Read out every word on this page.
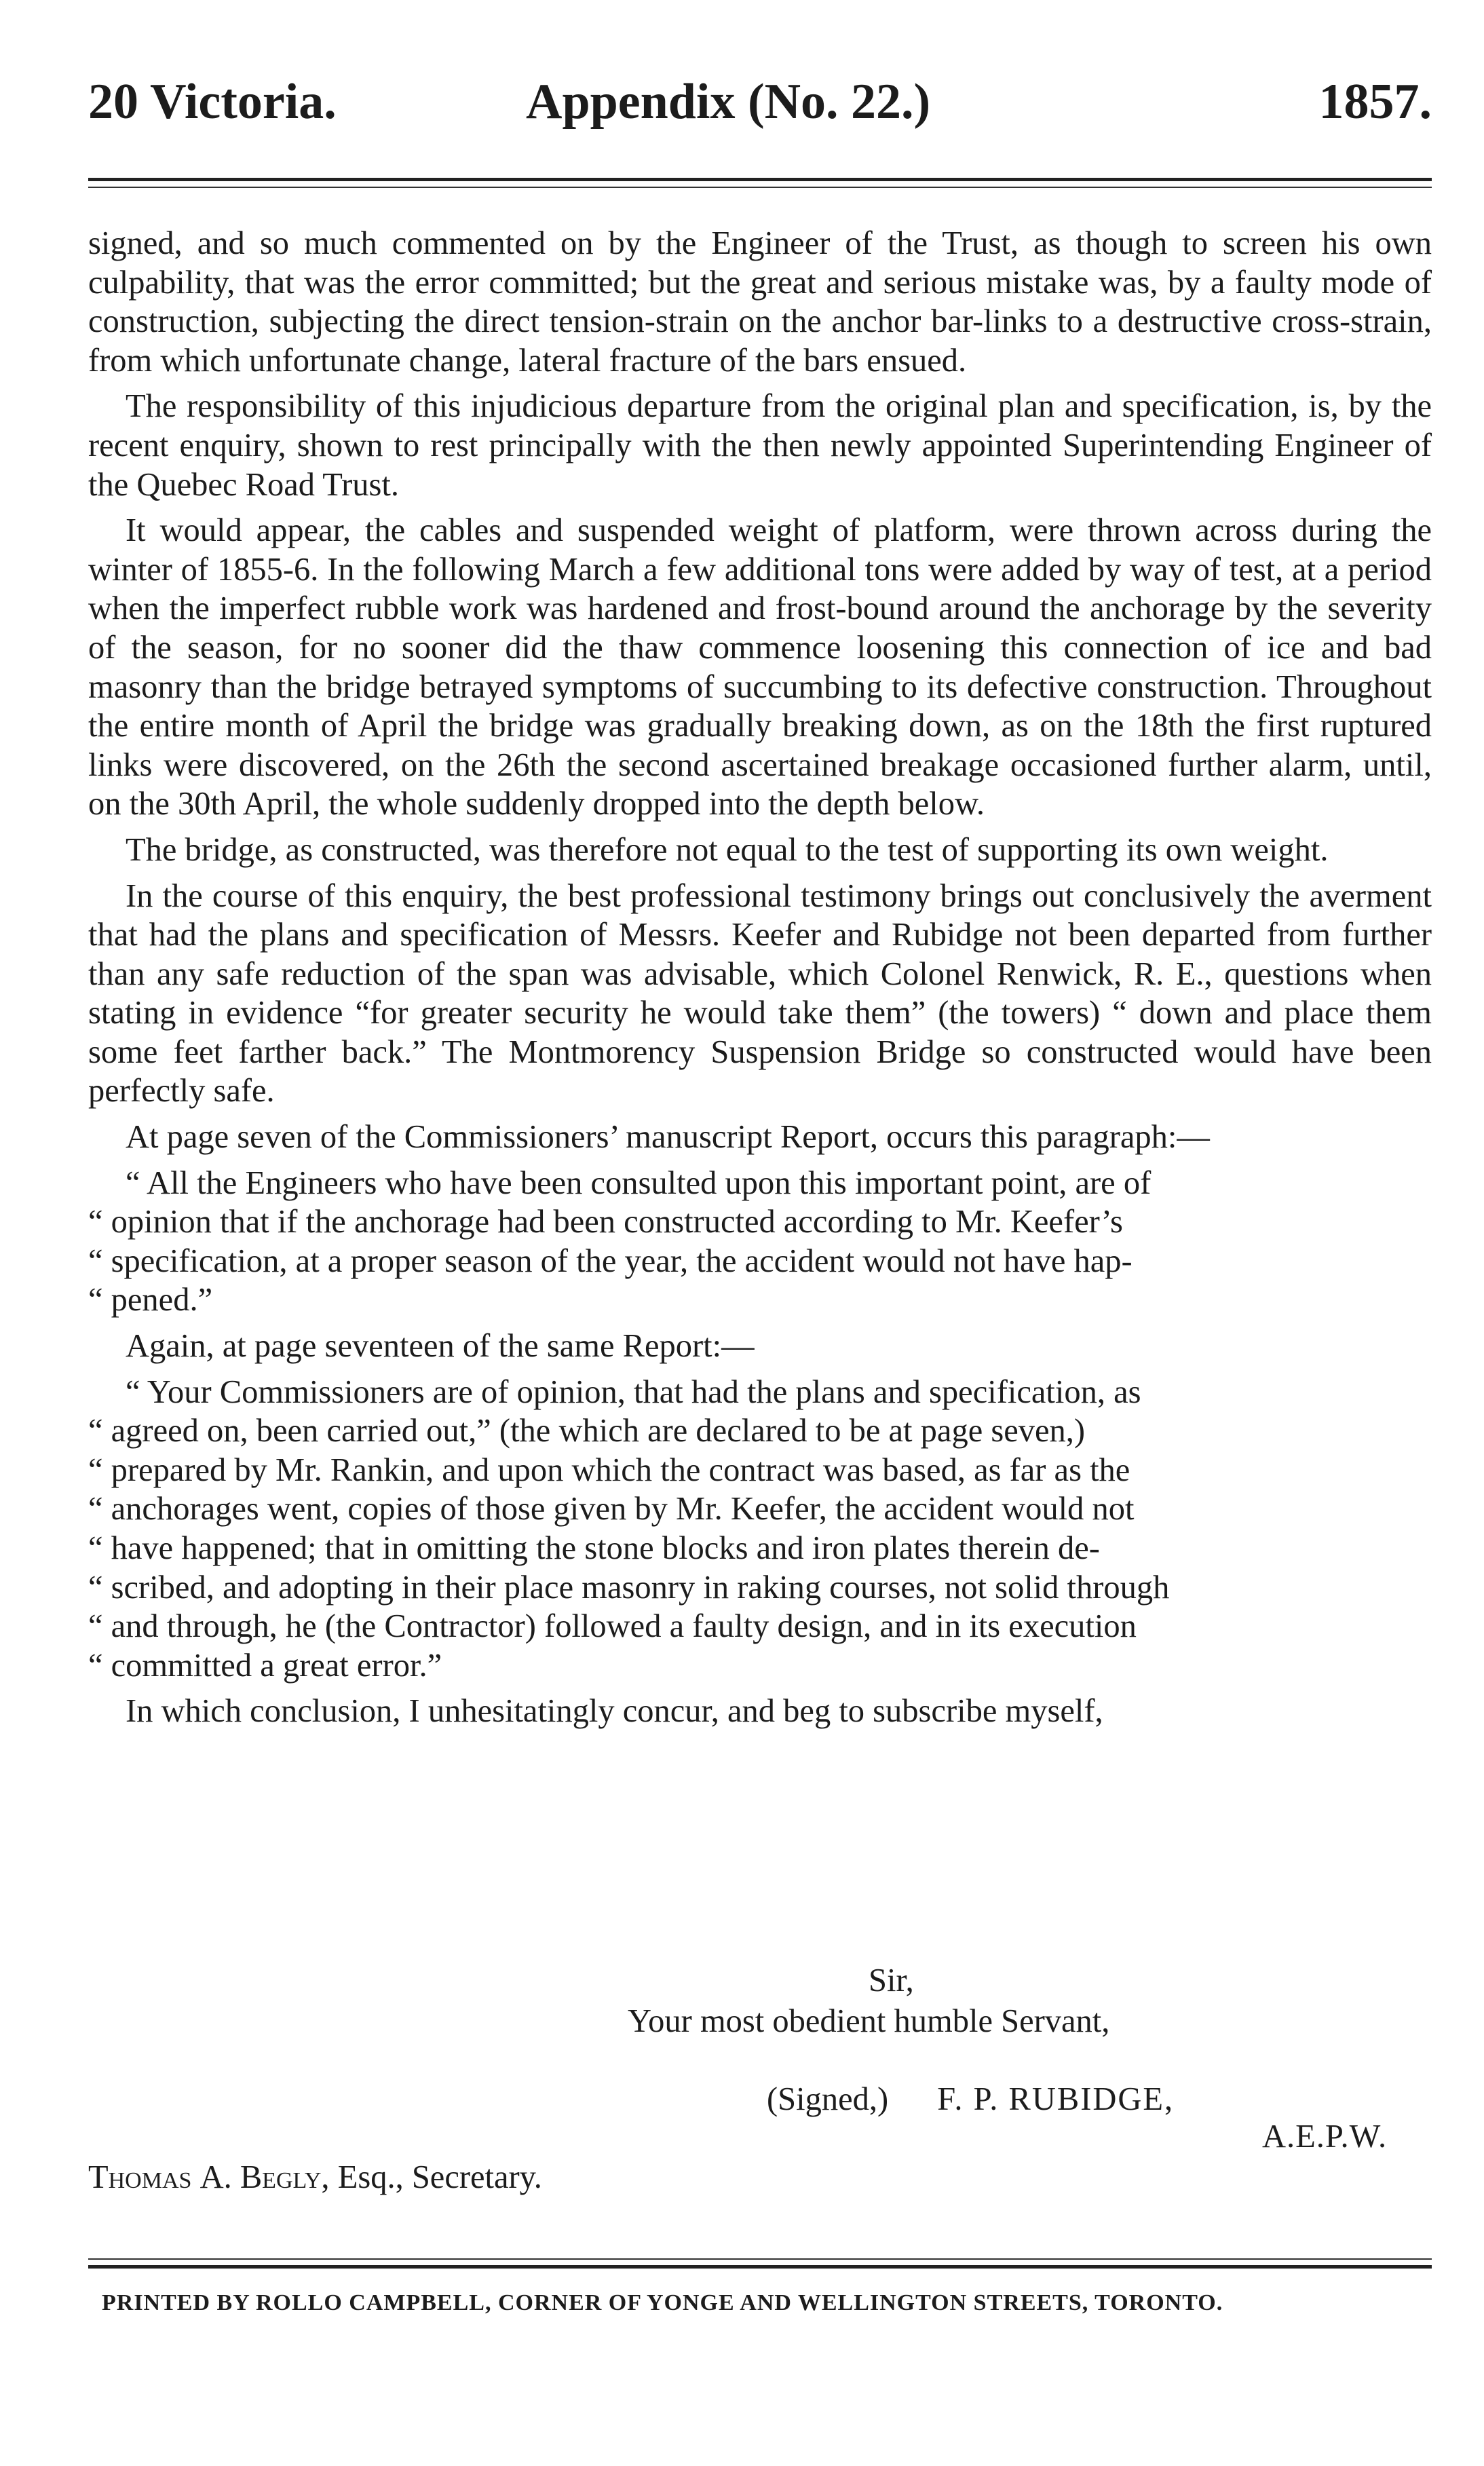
20 Victoria.	Appendix (No. 22.)	1857.

signed, and so much commented on by the Engineer of the Trust, as though to screen his own culpability, that was the error committed; but the great and serious mistake was, by a faulty mode of construction, subjecting the direct tension-strain on the anchor bar-links to a destructive cross-strain, from which unfortunate change, lateral fracture of the bars ensued.

The responsibility of this injudicious departure from the original plan and specification, is, by the recent enquiry, shown to rest principally with the then newly appointed Superintending Engineer of the Quebec Road Trust.

It would appear, the cables and suspended weight of platform, were thrown across during the winter of 1855-6. In the following March a few additional tons were added by way of test, at a period when the imperfect rubble work was hardened and frost-bound around the anchorage by the severity of the season, for no sooner did the thaw commence loosening this connection of ice and bad masonry than the bridge betrayed symptoms of succumbing to its defective construction. Throughout the entire month of April the bridge was gradually breaking down, as on the 18th the first ruptured links were discovered, on the 26th the second ascertained breakage occasioned further alarm, until, on the 30th April, the whole suddenly dropped into the depth below.

The bridge, as constructed, was therefore not equal to the test of supporting its own weight.

In the course of this enquiry, the best professional testimony brings out conclusively the averment that had the plans and specification of Messrs. Keefer and Rubidge not been departed from further than any safe reduction of the span was advisable, which Colonel Renwick, R. E., questions when stating in evidence “for greater security he would take them” (the towers) “ down and place them some feet farther back.” The Montmorency Suspension Bridge so constructed would have been perfectly safe.

At page seven of the Commissioners’ manuscript Report, occurs this paragraph:—

“ All the Engineers who have been consulted upon this important point, are of
“ opinion that if the anchorage had been constructed according to Mr. Keefer’s
“ specification, at a proper season of the year, the accident would not have hap-
“ pened.”

Again, at page seventeen of the same Report:—

“ Your Commissioners are of opinion, that had the plans and specification, as
“ agreed on, been carried out,” (the which are declared to be at page seven,)
“ prepared by Mr. Rankin, and upon which the contract was based, as far as the
“ anchorages went, copies of those given by Mr. Keefer, the accident would not
“ have happened; that in omitting the stone blocks and iron plates therein de-
“ scribed, and adopting in their place masonry in raking courses, not solid through
“ and through, he (the Contractor) followed a faulty design, and in its execution
“ committed a great error.”

In which conclusion, I unhesitatingly concur, and beg to subscribe myself,

Sir,
Your most obedient humble Servant,
(Signed,) F. P. RUBIDGE,
A.E.P.W.
Thomas A. Begly, Esq., Secretary.
PRINTED BY ROLLO CAMPBELL, CORNER OF YONGE AND WELLINGTON STREETS, TORONTO.
